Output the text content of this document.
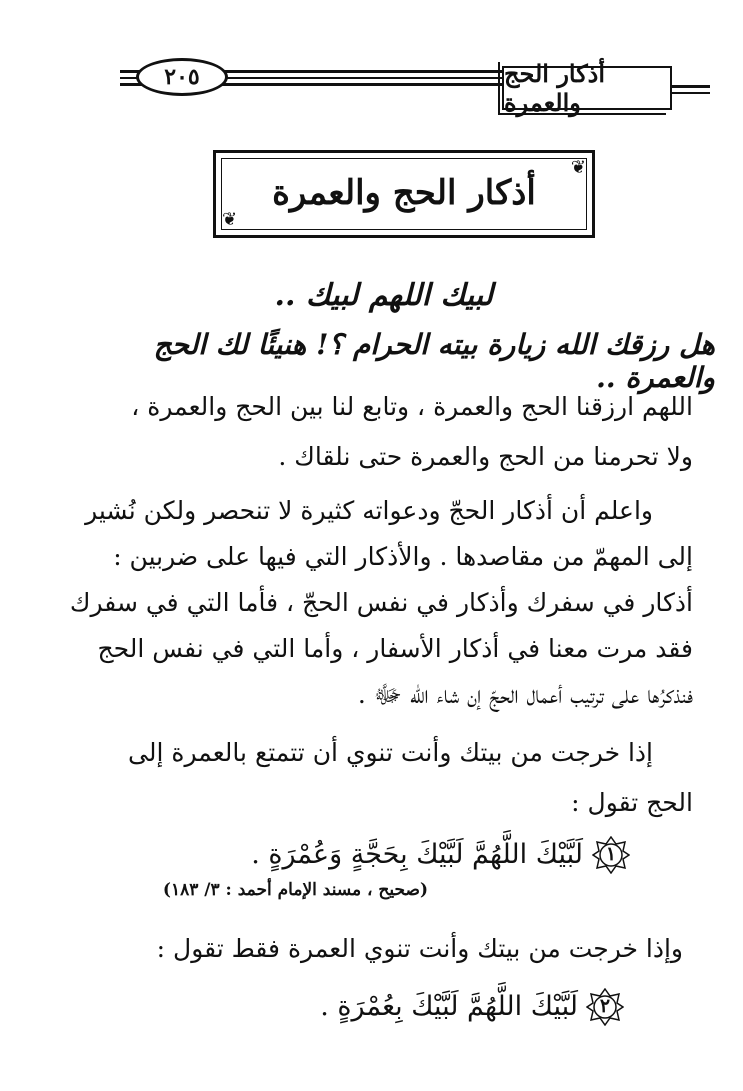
٢٠٥	أذكار الحج والعمرة
أذكار الحج والعمرة
❦
❦
لبيك اللهم لبيك ..
هل رزقك الله زيارة بيته الحرام ؟! هنيئًا لك الحج والعمرة ..
اللهم ارزقنا الحج والعمرة ، وتابع لنا بين الحج والعمرة ،
ولا تحرمنا من الحج والعمرة حتى نلقاك .
واعلم أن أذكار الحجّ ودعواته كثيرة لا تنحصر ولكن نُشير
إلى المهمّ من مقاصدها . والأذكار التي فيها على ضربين :
أذكار في سفرك وأذكار في نفس الحجّ ، فأما التي في سفرك
فقد مرت معنا في أذكار الأسفار ، وأما التي في نفس الحج
فنذكرُها على ترتيب أعمال الحجّ إن شاء الله ﷻ .
إذا خرجت من بيتك وأنت تنوي أن تتمتع بالعمرة إلى
الحج تقول :
١
لَبَّيْكَ اللَّهُمَّ لَبَّيْكَ بِحَجَّةٍ وَعُمْرَةٍ .
(صحيح ، مسند الإمام أحمد : ٣/ ١٨٣)
وإذا خرجت من بيتك وأنت تنوي العمرة فقط تقول :
٢
لَبَّيْكَ اللَّهُمَّ لَبَّيْكَ بِعُمْرَةٍ .
